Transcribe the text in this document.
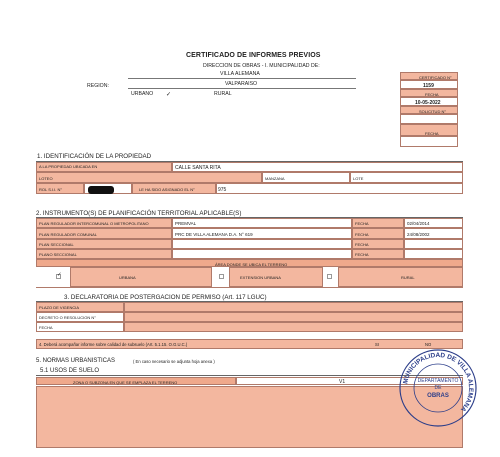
CERTIFICADO DE INFORMES PREVIOS
DIRECCION DE OBRAS - I. MUNICIPALIDAD DE:
VILLA ALEMANA
REGION:	VALPARAISO
URBANO ✓	RURAL
CERTIFICADO N°
1159
FECHA
10-05-2022
SOLICITUD N°
FECHA
1. IDENTIFICACIÓN DE LA PROPIEDAD
A LA PROPIEDAD UBICADA EN	CALLE SANTA RITA
LOTEO	MANZANA	LOTE
ROL S.I.I. N°	LE HA SIDO ASIGNADO EL N°	975
2. INSTRUMENTO(S) DE PLANIFICACIÓN TERRITORIAL APLICABLE(S)
PLAN REGULADOR INTERCOMUNAL O METROPOLITANO	PREMVAL	FECHA	02/04/2014
PLAN REGULADOR COMUNAL	PRC DE VILLA ALEMANA D.A. N° 619	FECHA	24/08/2002
PLAN SECCIONAL	FECHA
PLANO SECCIONAL	FECHA
ÁREA DONDE SE UBICA EL TERRENO
✓	URBANA	EXTENSION URBANA	RURAL
3. DECLARATORIA DE POSTERGACION DE PERMISO (Art. 117 LGUC)
PLAZO DE VIGENCIA
DECRETO O RESOLUCION N°
FECHA
4. Deberá acompañar informe sobre calidad de subsuelo (Art. 5.1.15. O.G.U.C.)	SI	NO
5. NORMAS URBANISTICAS	( En caso necesario se adjunta hoja anexa )
5.1 USOS DE SUELO
ZONA O SUBZONA EN QUE SE EMPLAZA EL TERRENO	V1	MUNICIPALIDAD DE VILLA ALEMANA
DEPARTAMENTO
DE
OBRAS
